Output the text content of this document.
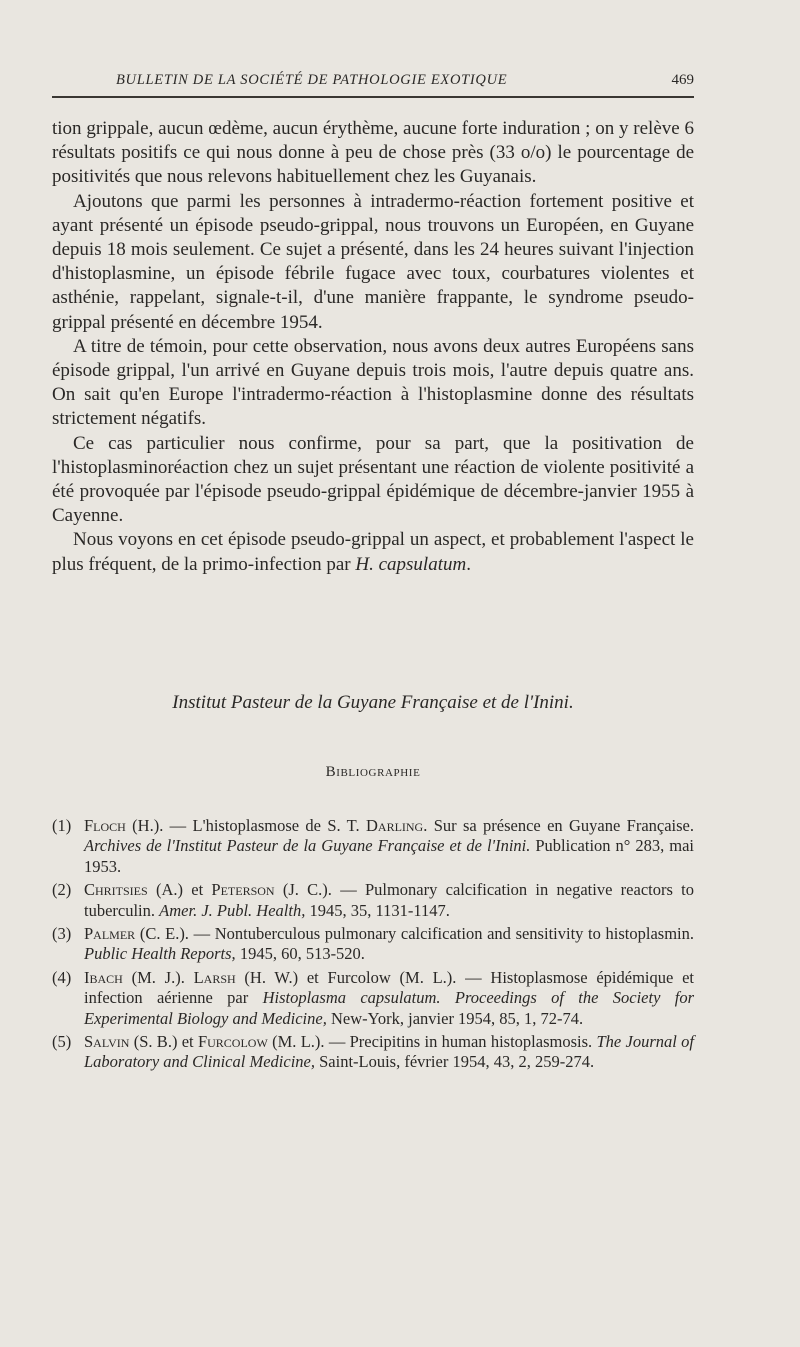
BULLETIN DE LA SOCIÉTÉ DE PATHOLOGIE EXOTIQUE	469

tion grippale, aucun œdème, aucun érythème, aucune forte induration ; on y relève 6 résultats positifs ce qui nous donne à peu de chose près (33 o/o) le pourcentage de positivités que nous relevons habituellement chez les Guyanais.

Ajoutons que parmi les personnes à intradermo-réaction fortement positive et ayant présenté un épisode pseudo-grippal, nous trouvons un Européen, en Guyane depuis 18 mois seulement. Ce sujet a présenté, dans les 24 heures suivant l'injection d'histoplasmine, un épisode fébrile fugace avec toux, courbatures violentes et asthénie, rappelant, signale-t-il, d'une manière frappante, le syndrome pseudo-grippal présenté en décembre 1954.

A titre de témoin, pour cette observation, nous avons deux autres Européens sans épisode grippal, l'un arrivé en Guyane depuis trois mois, l'autre depuis quatre ans. On sait qu'en Europe l'intradermo-réaction à l'histoplasmine donne des résultats strictement négatifs.

Ce cas particulier nous confirme, pour sa part, que la positivation de l'histoplasminoréaction chez un sujet présentant une réaction de violente positivité a été provoquée par l'épisode pseudo-grippal épidémique de décembre-janvier 1955 à Cayenne.

Nous voyons en cet épisode pseudo-grippal un aspect, et probablement l'aspect le plus fréquent, de la primo-infection par H. capsulatum.

Institut Pasteur de la Guyane Française et de l'Inini.
Bibliographie
(1) Floch (H.). — L'histoplasmose de S. T. Darling. Sur sa présence en Guyane Française. Archives de l'Institut Pasteur de la Guyane Française et de l'Inini. Publication n° 283, mai 1953.
(2) Chritsies (A.) et Peterson (J. C.). — Pulmonary calcification in negative reactors to tuberculin. Amer. J. Publ. Health, 1945, 35, 1131-1147.
(3) Palmer (C. E.). — Nontuberculous pulmonary calcification and sensitivity to histoplasmin. Public Health Reports, 1945, 60, 513-520.
(4) Ibach (M. J.). Larsh (H. W.) et Furcolow (M. L.). — Histoplasmose épidémique et infection aérienne par Histoplasma capsulatum. Proceedings of the Society for Experimental Biology and Medicine, New-York, janvier 1954, 85, 1, 72-74.
(5) Salvin (S. B.) et Furcolow (M. L.). — Precipitins in human histoplasmosis. The Journal of Laboratory and Clinical Medicine, Saint-Louis, février 1954, 43, 2, 259-274.
